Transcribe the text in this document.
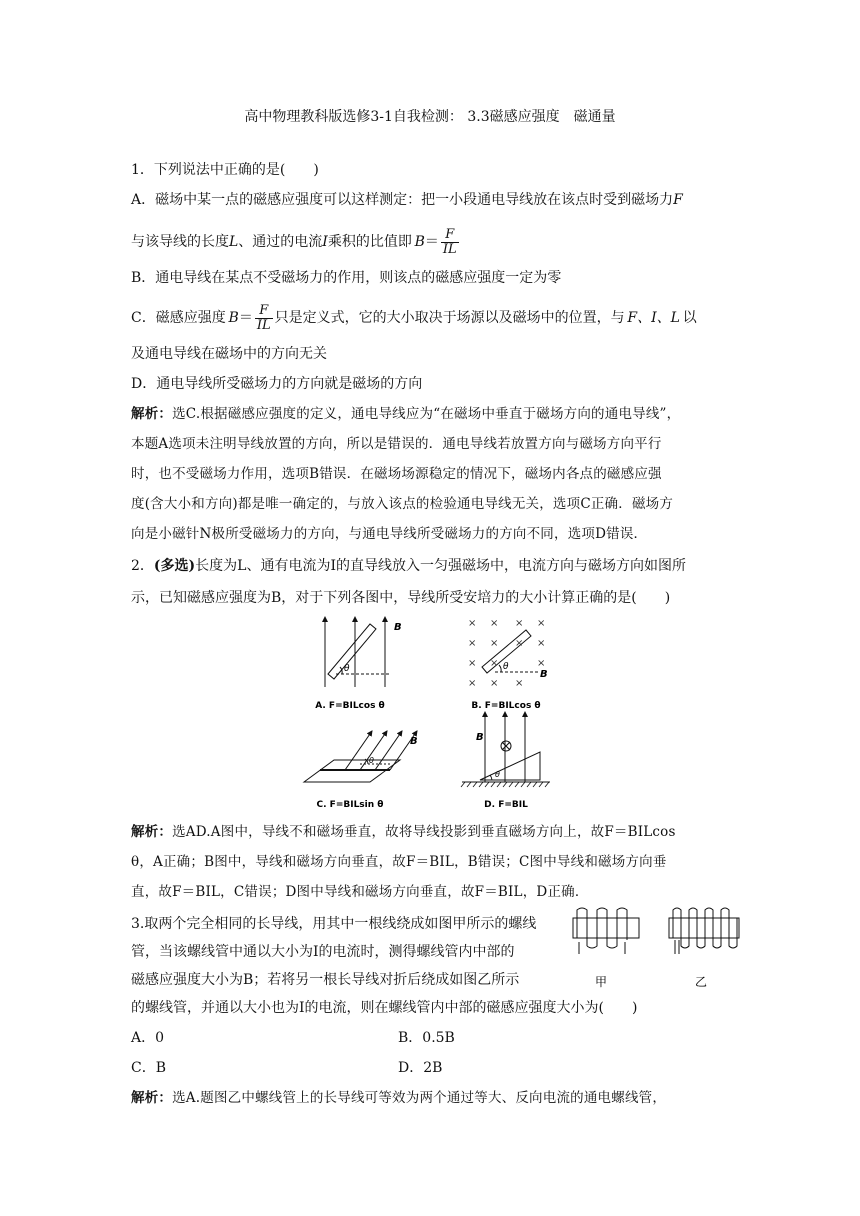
高中物理教科版选修3-1自我检测： 3.3磁感应强度　磁通量
1．下列说法中正确的是(　　)
A．磁场中某一点的磁感应强度可以这样测定：把一小段通电导线放在该点时受到磁场力F
与该导线的长度L、通过的电流I乘积的比值即  $B= \frac{F}{IL}$
B．通电导线在某点不受磁场力的作用，则该点的磁感应强度一定为零
C．磁感应强度  $B= \frac{F}{IL}$ 只是定义式，它的大小取决于场源以及磁场中的位置，与  F、I、L  以
及通电导线在磁场中的方向无关
D．通电导线所受磁场力的方向就是磁场的方向
解析：选C.根据磁感应强度的定义，通电导线应为“在磁场中垂直于磁场方向的通电导线”，
本题A选项未注明导线放置的方向，所以是错误的．通电导线若放置方向与磁场方向平行
时，也不受磁场力作用，选项B错误．在磁场场源稳定的情况下，磁场内各点的磁感应强
度(含大小和方向)都是唯一确定的，与放入该点的检验通电导线无关，选项C正确．磁场方
向是小磁针N极所受磁场力的方向，与通电导线所受磁场力的方向不同，选项D错误．
2．(多选)长度为L、通有电流为I的直导线放入一匀强磁场中，电流方向与磁场方向如图所
示，已知磁感应强度为B，对于下列各图中，导线所受安培力的大小计算正确的是(　　)
B
θ
A. F=BILcos θ
× × × ×
× × × ×
× ×	×
× × ×
B
θ
B. F=BILcos θ
B
θ
C. F=BILsin θ
B
θ
D. F=BIL
解析：选AD.A图中，导线不和磁场垂直，故将导线投影到垂直磁场方向上，故F＝BILcos
θ，A正确；B图中，导线和磁场方向垂直，故F＝BIL，B错误；C图中导线和磁场方向垂
直，故F＝BIL，C错误；D图中导线和磁场方向垂直，故F＝BIL，D正确．
3.取两个完全相同的长导线，用其中一根线绕成如图甲所示的螺线
管，当该螺线管中通以大小为I的电流时，测得螺线管内中部的
磁感应强度大小为B；若将另一根长导线对折后绕成如图乙所示
的螺线管，并通以大小也为I的电流，则在螺线管内中部的磁感应强度大小为(　　)
A．0	B．0.5B
C．B	D．2B
解析：选A.题图乙中螺线管上的长导线可等效为两个通过等大、反向电流的通电螺线管，
甲	乙
